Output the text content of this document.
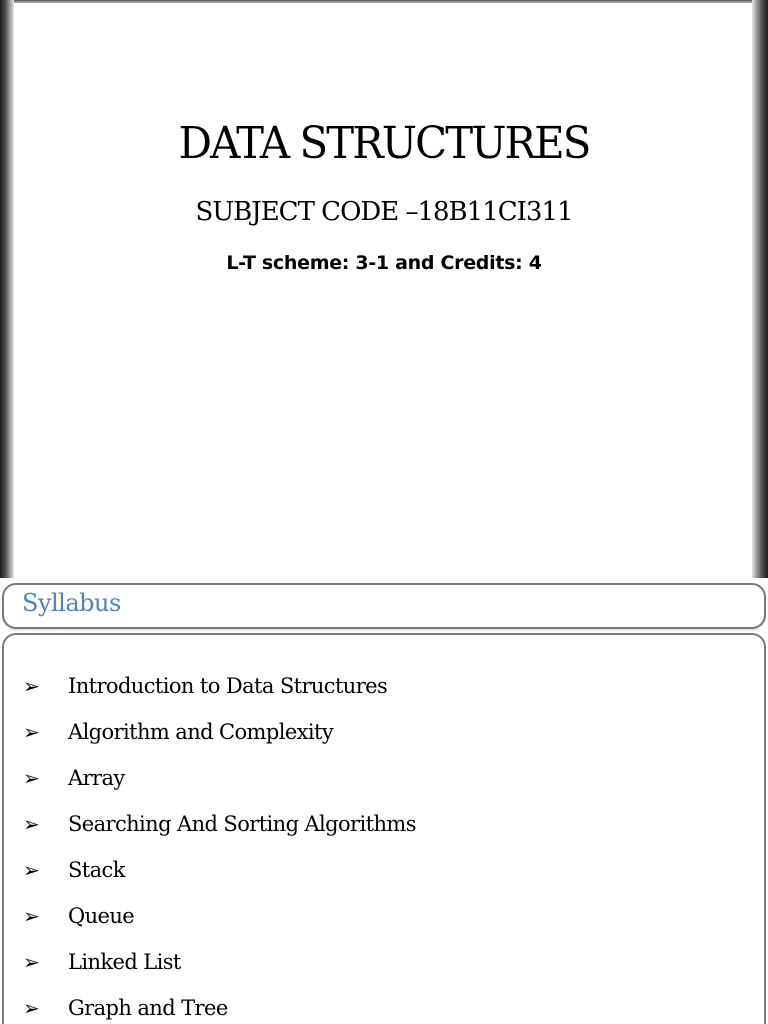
DATA STRUCTURES
SUBJECT CODE –18B11CI311
L-T scheme: 3-1 and Credits: 4
Syllabus
➢	Introduction to Data Structures
➢	Algorithm and Complexity
➢	Array
➢	Searching And Sorting Algorithms
➢	Stack
➢	Queue
➢	Linked List
➢	Graph and Tree
